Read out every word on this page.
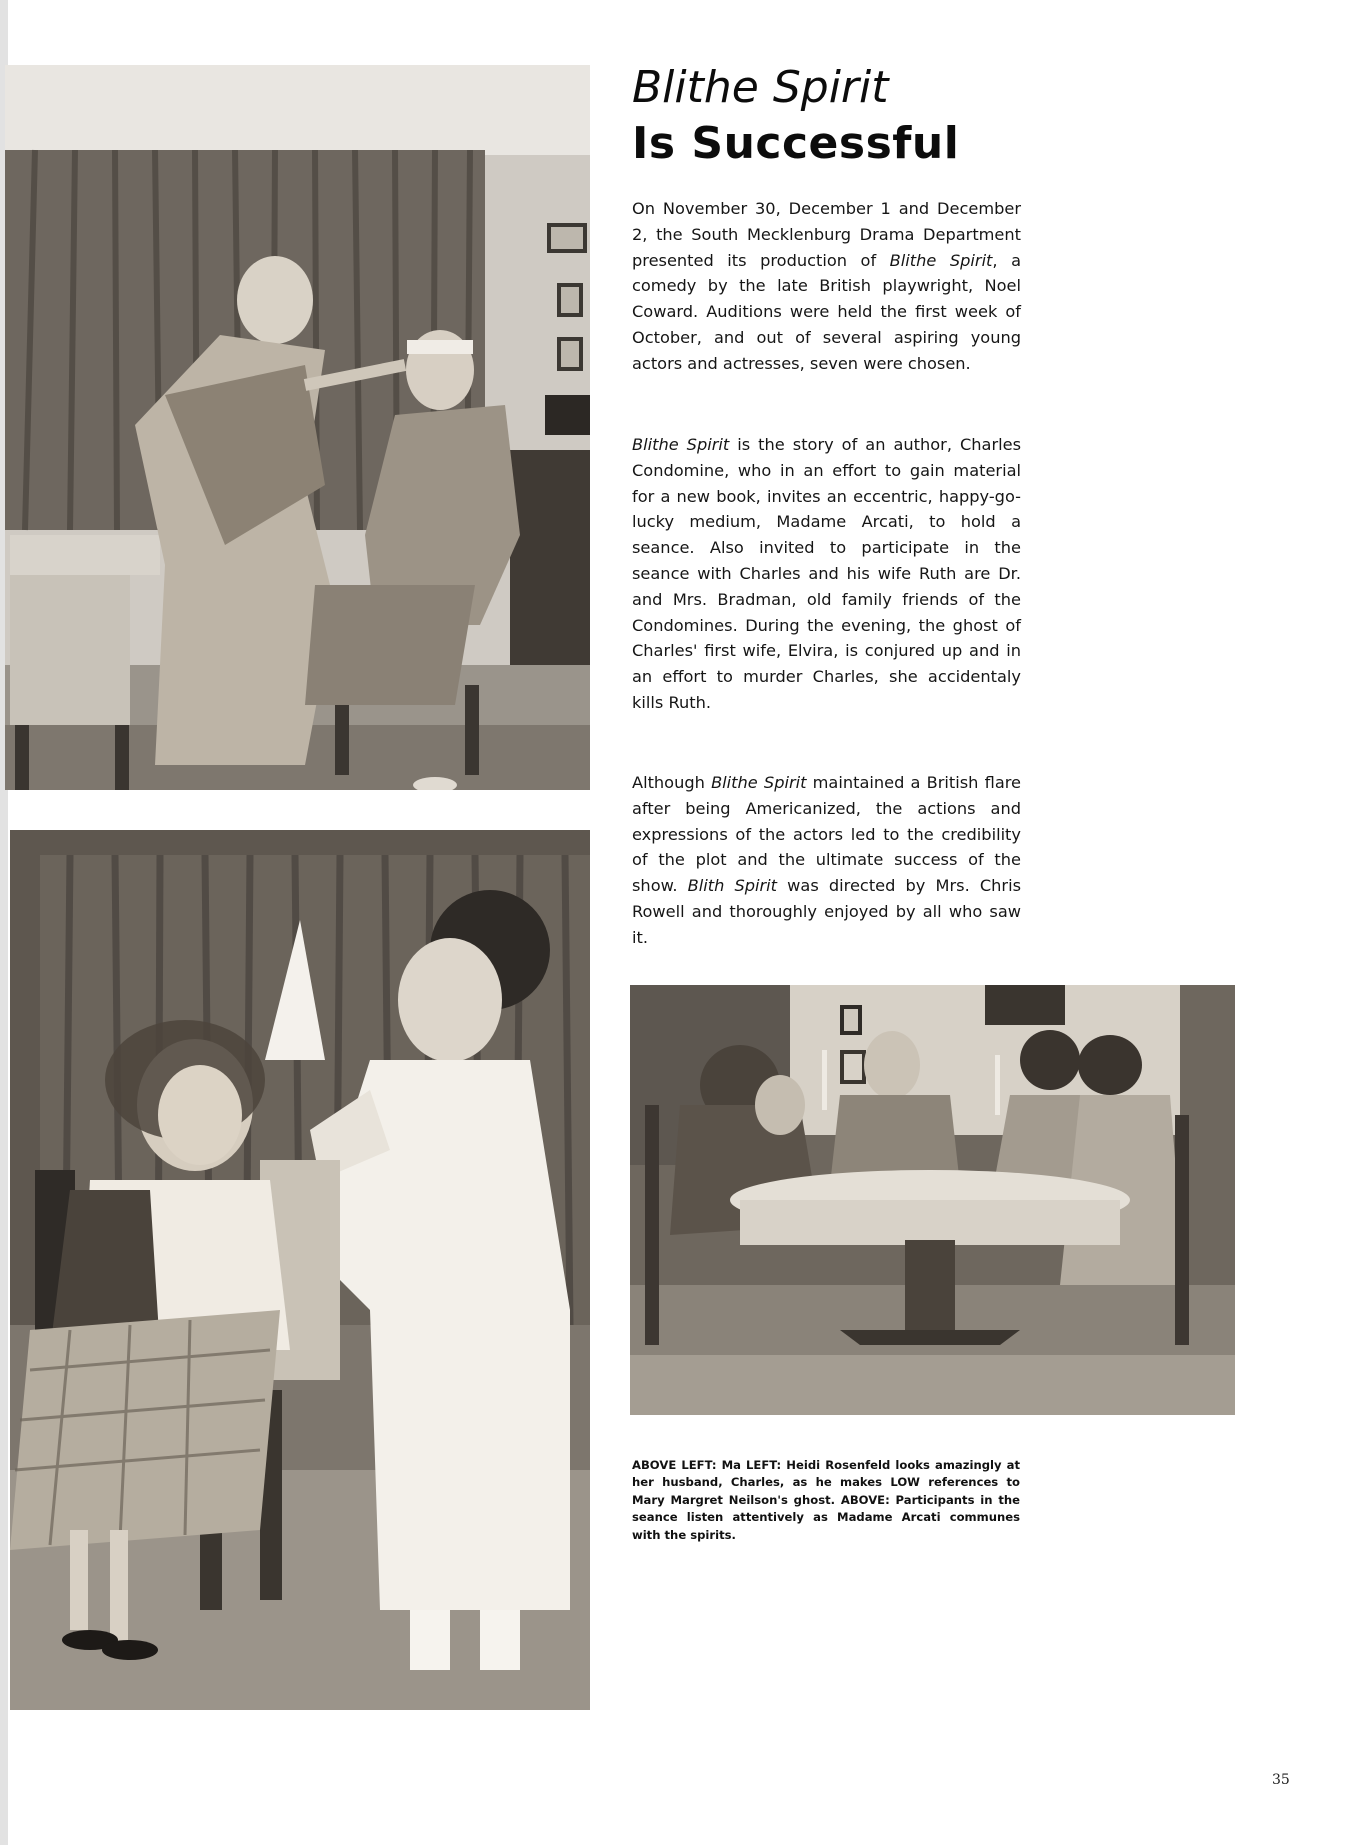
Blithe Spirit
Is Successful

On November 30, December 1 and December 2, the South Mecklenburg Drama Department presented its production of Blithe Spirit, a comedy by the late British playwright, Noel Coward. Auditions were held the first week of October, and out of several aspiring young actors and actresses, seven were chosen.

Blithe Spirit is the story of an author, Charles Condomine, who in an effort to gain material for a new book, invites an eccentric, happy-go-lucky medium, Madame Arcati, to hold a seance. Also invited to participate in the seance with Charles and his wife Ruth are Dr. and Mrs. Bradman, old family friends of the Condomines. During the evening, the ghost of Charles' first wife, Elvira, is conjured up and in an effort to murder Charles, she accidentaly kills Ruth.

Although Blithe Spirit maintained a British flare after being Americanized, the actions and expressions of the actors led to the credibility of the plot and the ultimate success of the show. Blith Spirit was directed by Mrs. Chris Rowell and thoroughly enjoyed by all who saw it.

ABOVE LEFT: Ma LEFT: Heidi Rosenfeld looks amazingly at her husband, Charles, as he makes LOW references to Mary Margret Neilson's ghost. ABOVE: Participants in the seance listen attentively as Madame Arcati communes with the spirits.

35
